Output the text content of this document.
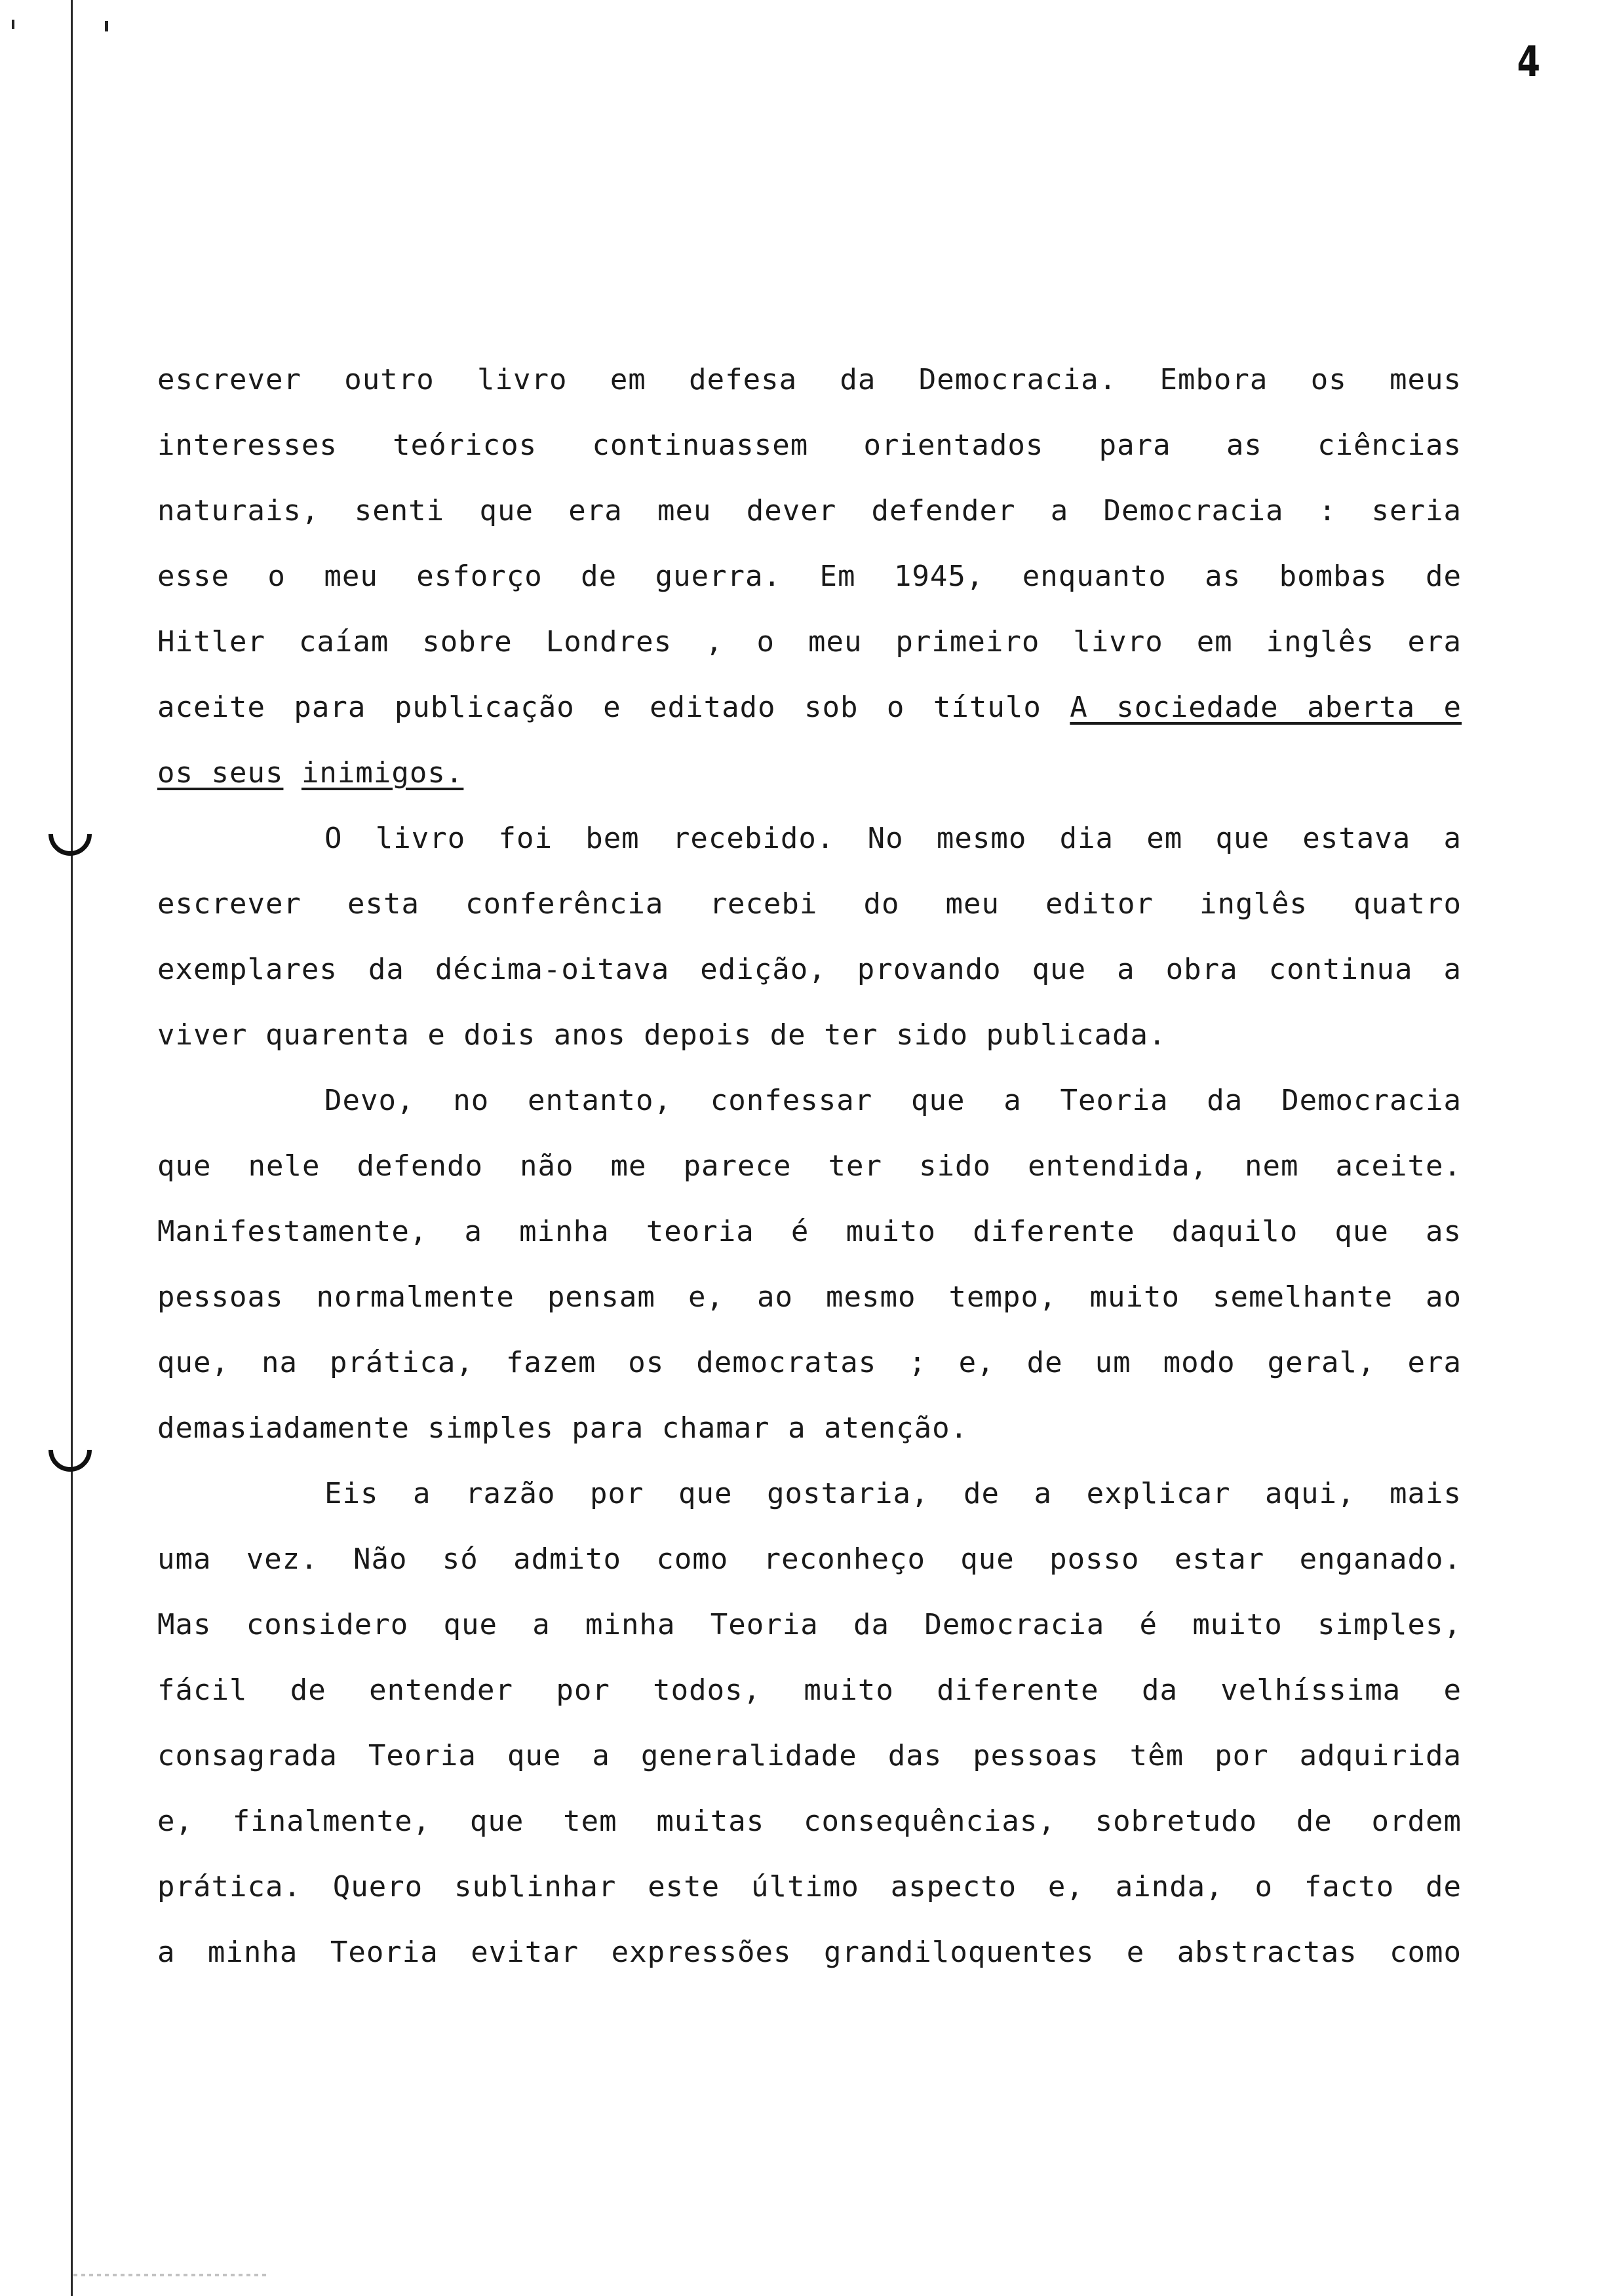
4
escrever outro livro em defesa da Democracia. Embora os meus
interesses teóricos continuassem orientados para as ciências
naturais, senti que era meu dever defender a Democracia : seria
esse o meu esforço de guerra. Em 1945, enquanto as bombas de
Hitler caíam sobre Londres , o meu primeiro livro em inglês era
aceite para publicação e editado sob o título A sociedade aberta e
os seus inimigos.
O livro foi bem recebido. No mesmo dia em que estava a
escrever esta conferência recebi do meu editor inglês quatro
exemplares da décima-oitava edição, provando que a obra continua a
viver quarenta e dois anos depois de ter sido publicada.
Devo, no entanto, confessar que a Teoria da Democracia
que nele defendo não me parece ter sido entendida, nem aceite.
Manifestamente, a minha teoria é muito diferente daquilo que as
pessoas normalmente pensam e, ao mesmo tempo, muito semelhante ao
que, na prática, fazem os democratas ; e, de um modo geral, era
demasiadamente simples para chamar a atenção.
Eis a razão por que gostaria, de a explicar aqui, mais
uma vez. Não só admito como reconheço que posso estar enganado.
Mas considero que a minha Teoria da Democracia é muito simples,
fácil de entender por todos, muito diferente da velhíssima e
consagrada Teoria que a generalidade das pessoas têm por adquirida
e, finalmente, que tem muitas consequências, sobretudo de ordem
prática. Quero sublinhar este último aspecto e, ainda, o facto de
a minha Teoria evitar expressões grandiloquentes e abstractas como
